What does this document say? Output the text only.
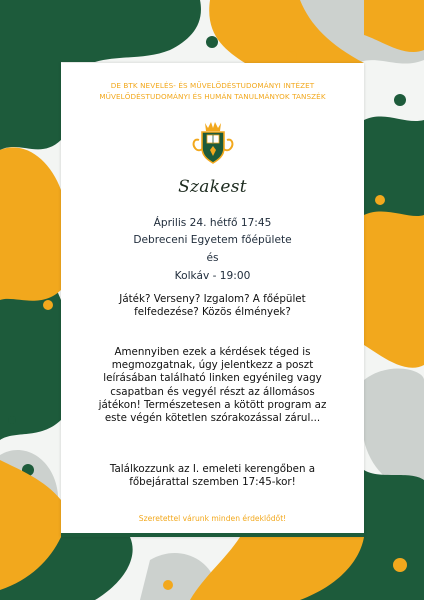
DE BTK NEVELÉS- ÉS MŰVELŐDÉSTUDOMÁNYI INTÉZET
MŰVELŐDÉSTUDOMÁNYI ÉS HUMÁN TANULMÁNYOK TANSZÉK
Szakest
Április 24. hétfő 17:45
Debreceni Egyetem főépülete
és
Kolkáv - 19:00
Játék? Verseny? Izgalom? A főépület
felfedezése? Közös élmények?
Amennyiben ezek a kérdések téged is
megmozgatnak, úgy jelentkezz a poszt
leírásában található linken egyénileg vagy
csapatban és vegyél részt az állomásos
játékon! Természetesen a kötött program az
este végén kötetlen szórakozással zárul...
Találkozzunk az I. emeleti kerengőben a
főbejárattal szemben 17:45-kor!
Szeretettel várunk minden érdeklődőt!
